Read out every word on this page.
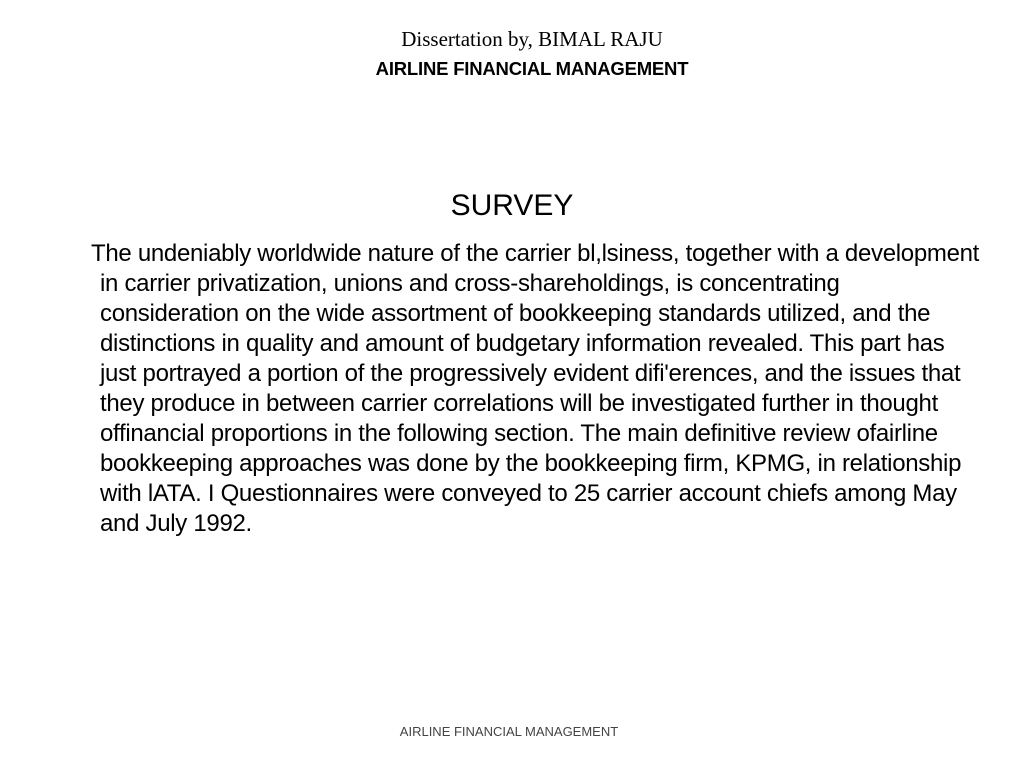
Dissertation by, BIMAL RAJU
AIRLINE FINANCIAL MANAGEMENT
SURVEY
The undeniably worldwide nature of the carrier bl,lsiness, together with a development in carrier privatization, unions and cross-shareholdings, is concentrating consideration on the wide assortment of bookkeeping standards utilized, and the distinctions in quality and amount of budgetary information revealed. This part has just portrayed a portion of the progressively evident difi'erences, and the issues that they produce in between carrier correlations will be investigated further in thought offinancial proportions in the following section. The main definitive review ofairline bookkeeping approaches was done by the bookkeeping firm, KPMG, in relationship with lATA. I Questionnaires were conveyed to 25 carrier account chiefs among May and July 1992.
AIRLINE FINANCIAL MANAGEMENT
